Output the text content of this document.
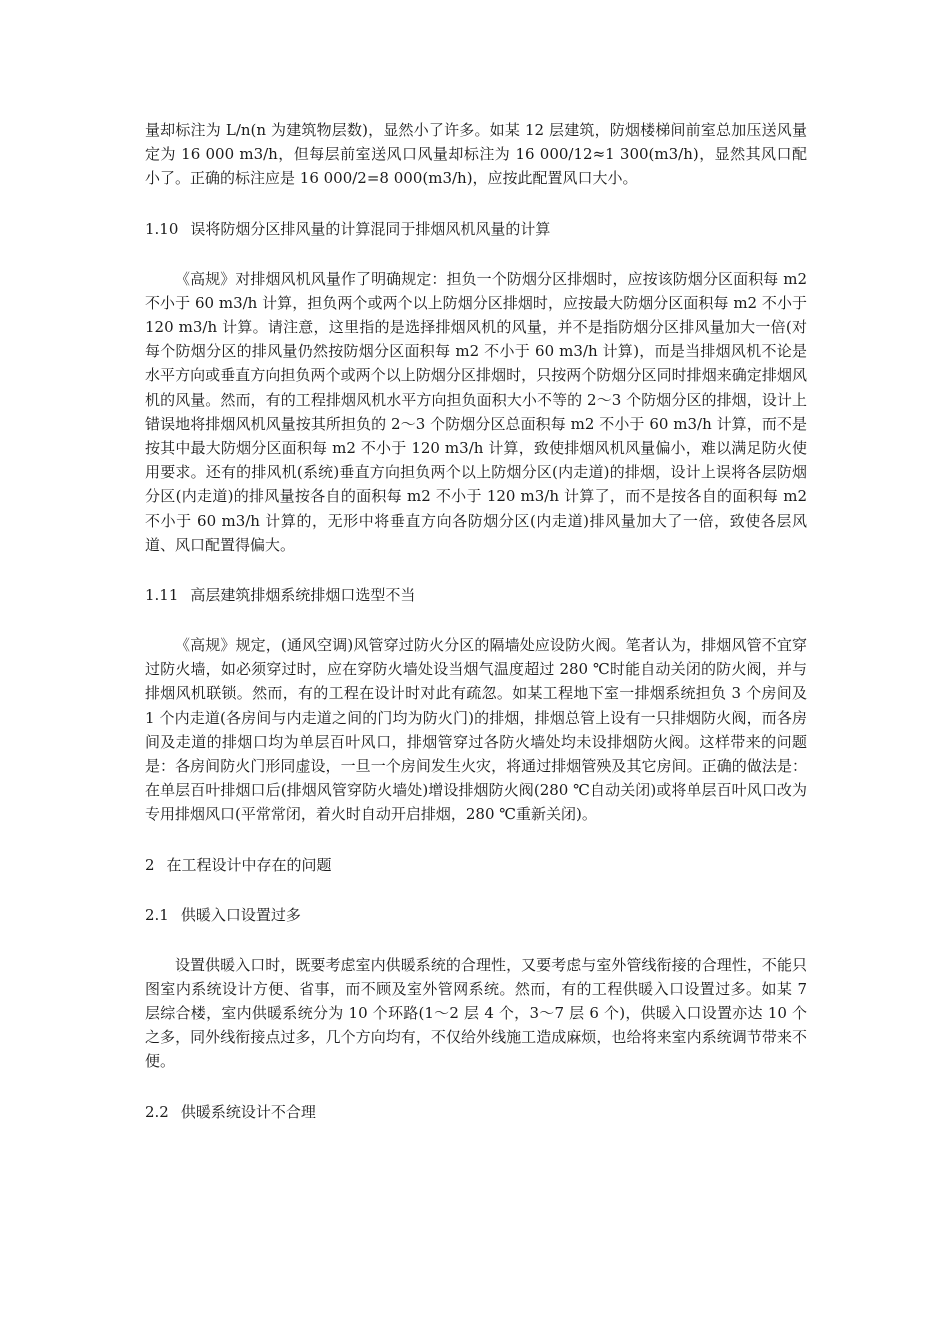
量却标注为 L/n(n 为建筑物层数)，显然小了许多。如某 12 层建筑，防烟楼梯间前室总加压送风量定为 16 000 m3/h，但每层前室送风口风量却标注为 16 000/12≈1 300(m3/h)，显然其风口配小了。正确的标注应是 16 000/2=8 000(m3/h)，应按此配置风口大小。

1.10 误将防烟分区排风量的计算混同于排烟风机风量的计算

《高规》对排烟风机风量作了明确规定：担负一个防烟分区排烟时，应按该防烟分区面积每 m2 不小于 60 m3/h 计算，担负两个或两个以上防烟分区排烟时，应按最大防烟分区面积每 m2 不小于 120 m3/h 计算。请注意，这里指的是选择排烟风机的风量，并不是指防烟分区排风量加大一倍(对每个防烟分区的排风量仍然按防烟分区面积每 m2 不小于 60 m3/h 计算)，而是当排烟风机不论是水平方向或垂直方向担负两个或两个以上防烟分区排烟时，只按两个防烟分区同时排烟来确定排烟风机的风量。然而，有的工程排烟风机水平方向担负面积大小不等的 2～3 个防烟分区的排烟，设计上错误地将排烟风机风量按其所担负的 2～3 个防烟分区总面积每 m2 不小于 60 m3/h 计算，而不是按其中最大防烟分区面积每 m2 不小于 120 m3/h 计算，致使排烟风机风量偏小，难以满足防火使用要求。还有的排风机(系统)垂直方向担负两个以上防烟分区(内走道)的排烟，设计上误将各层防烟分区(内走道)的排风量按各自的面积每 m2 不小于 120 m3/h 计算了，而不是按各自的面积每 m2 不小于 60 m3/h 计算的，无形中将垂直方向各防烟分区(内走道)排风量加大了一倍，致使各层风道、风口配置得偏大。

1.11 高层建筑排烟系统排烟口选型不当

《高规》规定，(通风空调)风管穿过防火分区的隔墙处应设防火阀。笔者认为，排烟风管不宜穿过防火墙，如必须穿过时，应在穿防火墙处设当烟气温度超过 280 ℃时能自动关闭的防火阀，并与排烟风机联锁。然而，有的工程在设计时对此有疏忽。如某工程地下室一排烟系统担负 3 个房间及 1 个内走道(各房间与内走道之间的门均为防火门)的排烟，排烟总管上设有一只排烟防火阀，而各房间及走道的排烟口均为单层百叶风口，排烟管穿过各防火墙处均未设排烟防火阀。这样带来的问题是：各房间防火门形同虚设，一旦一个房间发生火灾，将通过排烟管殃及其它房间。正确的做法是：在单层百叶排烟口后(排烟风管穿防火墙处)增设排烟防火阀(280 ℃自动关闭)或将单层百叶风口改为专用排烟风口(平常常闭，着火时自动开启排烟，280 ℃重新关闭)。

2 在工程设计中存在的问题

2.1 供暖入口设置过多

设置供暖入口时，既要考虑室内供暖系统的合理性，又要考虑与室外管线衔接的合理性，不能只图室内系统设计方便、省事，而不顾及室外管网系统。然而，有的工程供暖入口设置过多。如某 7 层综合楼，室内供暖系统分为 10 个环路(1～2 层 4 个，3～7 层 6 个)，供暖入口设置亦达 10 个之多，同外线衔接点过多，几个方向均有，不仅给外线施工造成麻烦，也给将来室内系统调节带来不便。

2.2 供暖系统设计不合理
